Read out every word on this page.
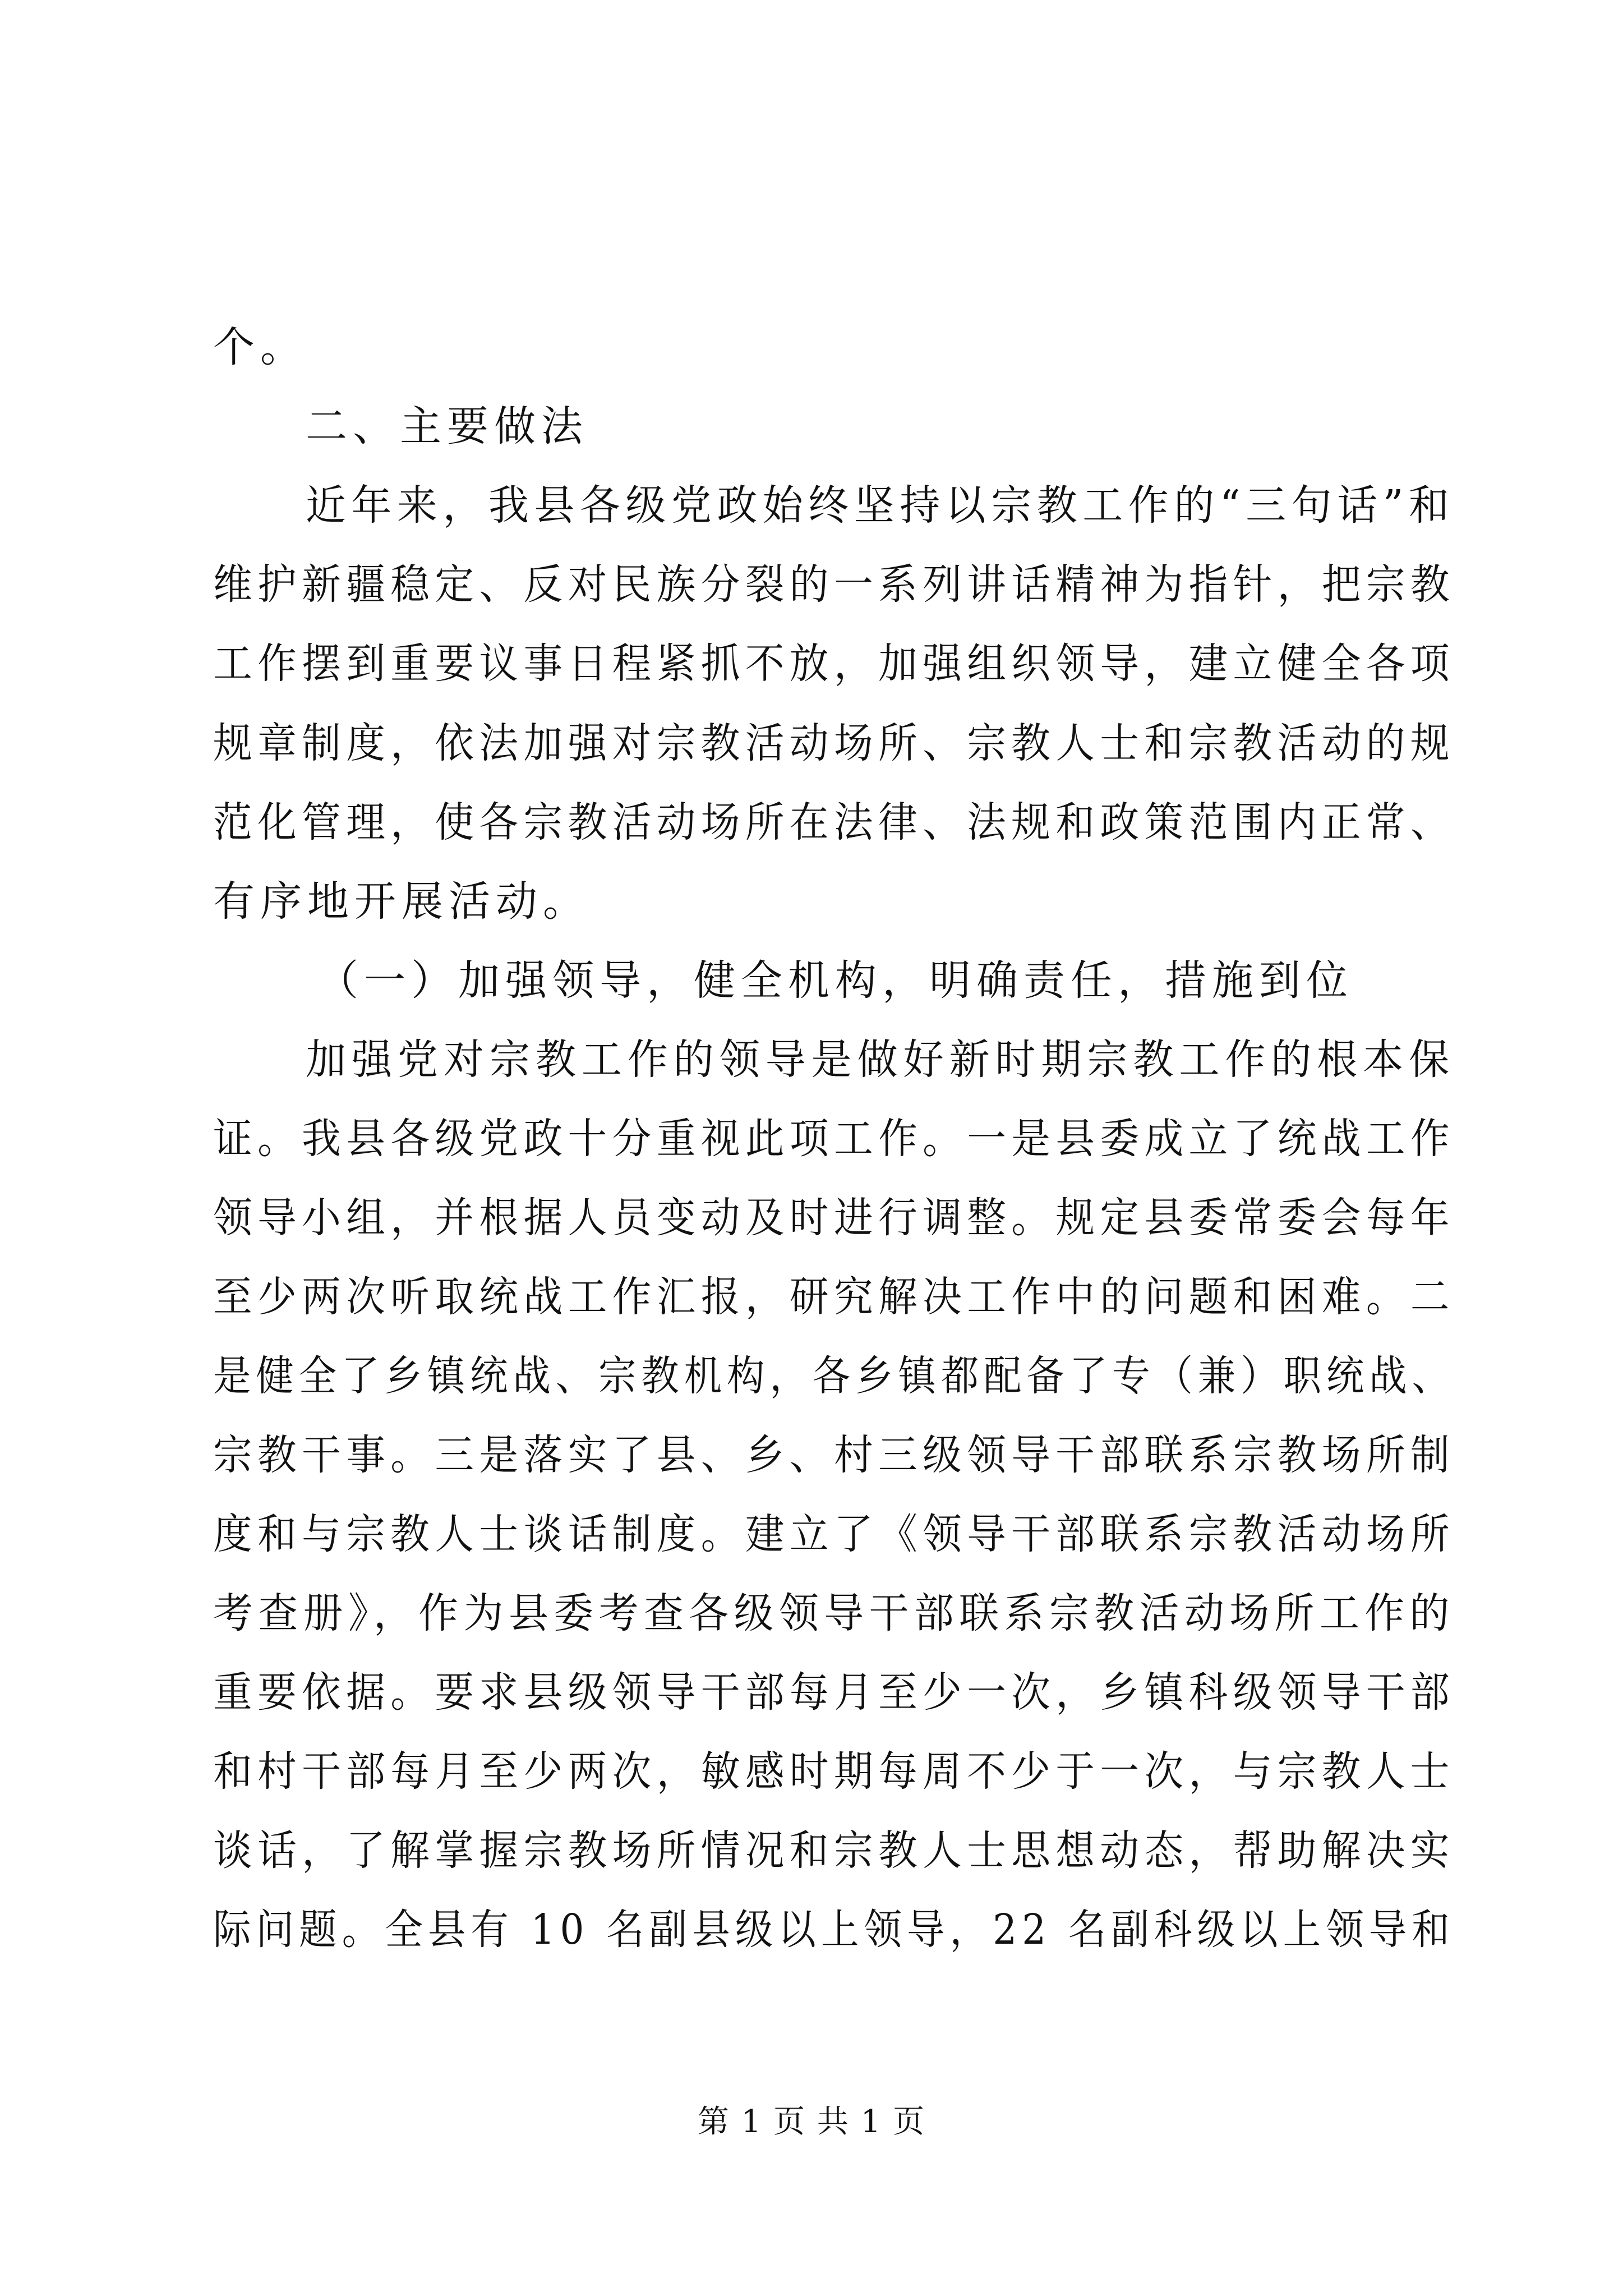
个。
二、主要做法
近年来，我县各级党政始终坚持以宗教工作的“三句话”和
维护新疆稳定、反对民族分裂的一系列讲话精神为指针，把宗教
工作摆到重要议事日程紧抓不放，加强组织领导，建立健全各项
规章制度，依法加强对宗教活动场所、宗教人士和宗教活动的规
范化管理，使各宗教活动场所在法律、法规和政策范围内正常、
有序地开展活动。
（一）加强领导，健全机构，明确责任，措施到位
加强党对宗教工作的领导是做好新时期宗教工作的根本保
证。我县各级党政十分重视此项工作。一是县委成立了统战工作
领导小组，并根据人员变动及时进行调整。规定县委常委会每年
至少两次听取统战工作汇报，研究解决工作中的问题和困难。二
是健全了乡镇统战、宗教机构，各乡镇都配备了专（兼）职统战、
宗教干事。三是落实了县、乡、村三级领导干部联系宗教场所制
度和与宗教人士谈话制度。建立了《领导干部联系宗教活动场所
考查册》，作为县委考查各级领导干部联系宗教活动场所工作的
重要依据。要求县级领导干部每月至少一次，乡镇科级领导干部
和村干部每月至少两次，敏感时期每周不少于一次，与宗教人士
谈话，了解掌握宗教场所情况和宗教人士思想动态，帮助解决实
际问题。全县有 10 名副县级以上领导，22 名副科级以上领导和
第 1 页 共 1 页
